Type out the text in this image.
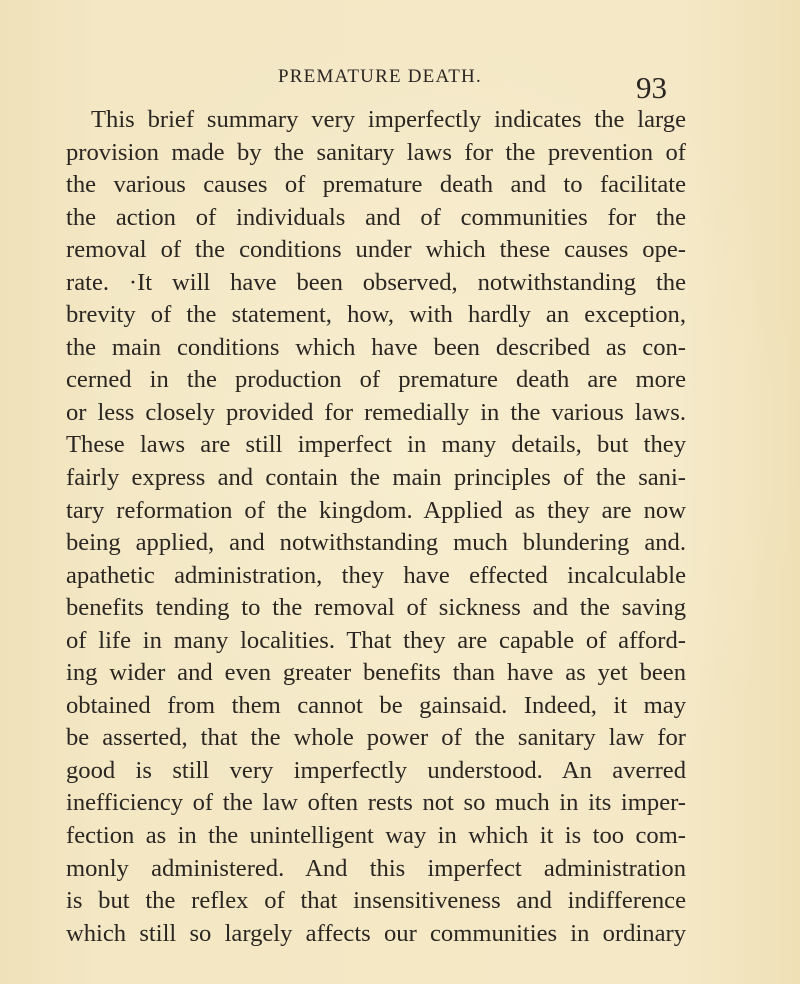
PREMATURE DEATH.	93
This brief summary very imperfectly indicates the large
provision made by the sanitary laws for the prevention of
the various causes of premature death and to facilitate
the action of individuals and of communities for the
removal of the conditions under which these causes ope-
rate. ·It will have been observed, notwithstanding the
brevity of the statement, how, with hardly an exception,
the main conditions which have been described as con-
cerned in the production of premature death are more
or less closely provided for remedially in the various laws.
These laws are still imperfect in many details, but they
fairly express and contain the main principles of the sani-
tary reformation of the kingdom. Applied as they are now
being applied, and notwithstanding much blundering and.
apathetic administration, they have effected incalculable
benefits tending to the removal of sickness and the saving
of life in many localities. That they are capable of afford-
ing wider and even greater benefits than have as yet been
obtained from them cannot be gainsaid. Indeed, it may
be asserted, that the whole power of the sanitary law for
good is still very imperfectly understood. An averred
inefficiency of the law often rests not so much in its imper-
fection as in the unintelligent way in which it is too com-
monly administered. And this imperfect administration
is but the reflex of that insensitiveness and indifference
which still so largely affects our communities in ordinary
